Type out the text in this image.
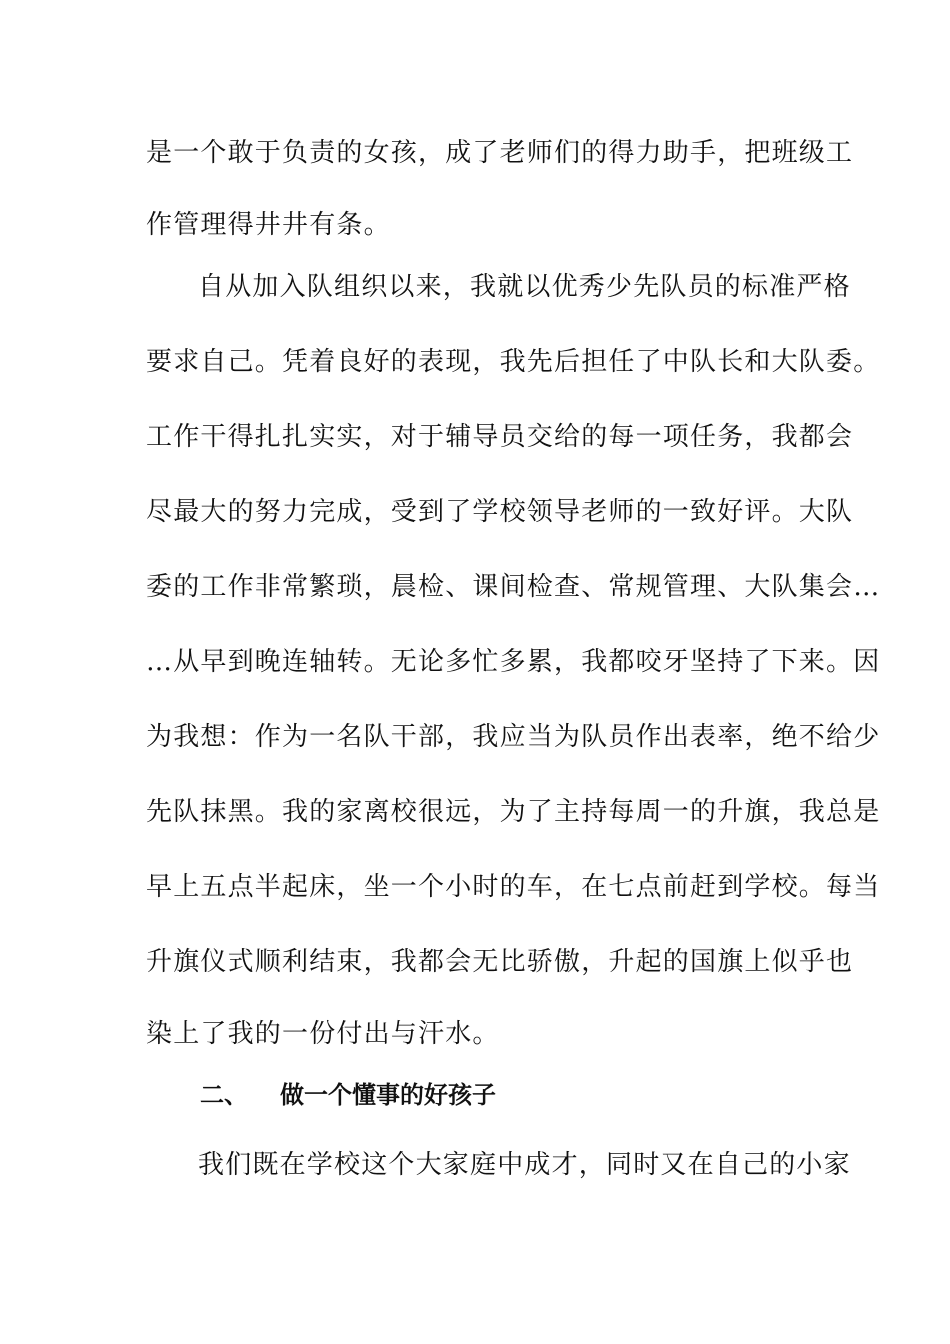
是一个敢于负责的女孩，成了老师们的得力助手，把班级工
作管理得井井有条。
自从加入队组织以来，我就以优秀少先队员的标准严格
要求自己。凭着良好的表现，我先后担任了中队长和大队委。
工作干得扎扎实实，对于辅导员交给的每一项任务，我都会
尽最大的努力完成，受到了学校领导老师的一致好评。大队
委的工作非常繁琐，晨检、课间检查、常规管理、大队集会…
…从早到晚连轴转。无论多忙多累，我都咬牙坚持了下来。因
为我想：作为一名队干部，我应当为队员作出表率，绝不给少
先队抹黑。我的家离校很远，为了主持每周一的升旗，我总是
早上五点半起床，坐一个小时的车，在七点前赶到学校。每当
升旗仪式顺利结束，我都会无比骄傲，升起的国旗上似乎也
染上了我的一份付出与汗水。
二、 做一个懂事的好孩子
我们既在学校这个大家庭中成才，同时又在自己的小家
